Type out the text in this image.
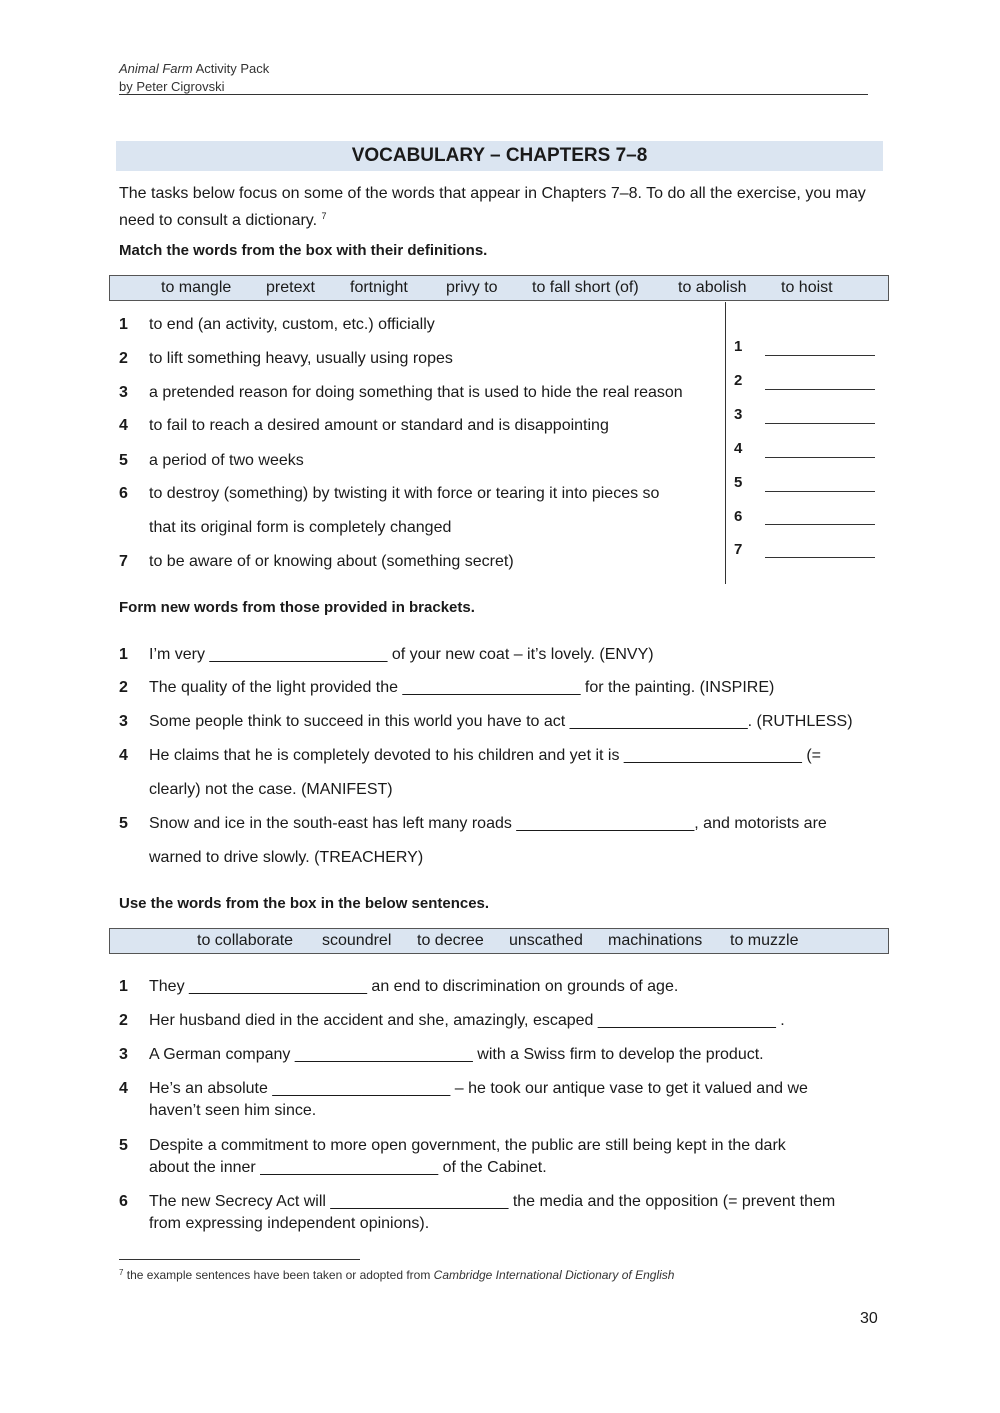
Animal Farm Activity Pack
by Peter Cigrovski
VOCABULARY – CHAPTERS 7–8
The tasks below focus on some of the words that appear in Chapters 7–8. To do all the exercise, you may need to consult a dictionary. $^7$
Match the words from the box with their definitions.
to mangle pretext fortnight privy to to fall short (of) to abolish to hoist
1 to end (an activity, custom, etc.) officially
2 to lift something heavy, usually using ropes
3 a pretended reason for doing something that is used to hide the real reason
4 to fail to reach a desired amount or standard and is disappointing
5 a period of two weeks
6 to destroy (something) by twisting it with force or tearing it into pieces so
that its original form is completely changed
7 to be aware of or knowing about (something secret)
1
2
3
4
5
6
7
Form new words from those provided in brackets.
1 I’m very ____________________ of your new coat – it’s lovely. (ENVY)
2 The quality of the light provided the ____________________ for the painting. (INSPIRE)
3 Some people think to succeed in this world you have to act ____________________. (RUTHLESS)
4 He claims that he is completely devoted to his children and yet it is ____________________ (=
clearly) not the case. (MANIFEST)
5 Snow and ice in the south-east has left many roads ____________________, and motorists are
warned to drive slowly. (TREACHERY)
Use the words from the box in the below sentences.
to collaborate scoundrel to decree unscathed machinations to muzzle
1 They ____________________ an end to discrimination on grounds of age.
2 Her husband died in the accident and she, amazingly, escaped ____________________ .
3 A German company ____________________ with a Swiss firm to develop the product.
4 He’s an absolute ____________________ – he took our antique vase to get it valued and we
haven’t seen him since.
5 Despite a commitment to more open government, the public are still being kept in the dark
about the inner ____________________ of the Cabinet.
6 The new Secrecy Act will ____________________ the media and the opposition (= prevent them
from expressing independent opinions).
$^7$ the example sentences have been taken or adopted from Cambridge International Dictionary of English
30
